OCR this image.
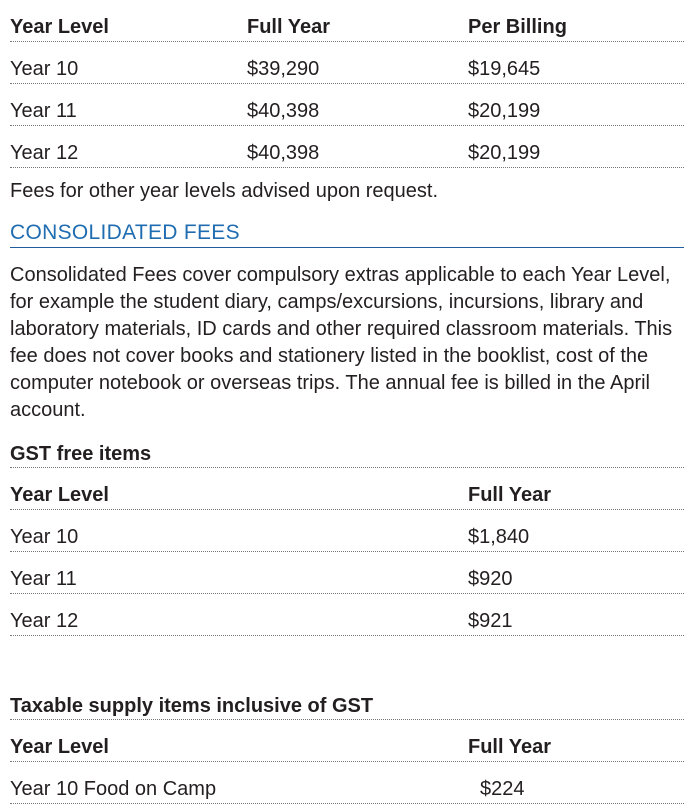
Year Level	Full Year	Per Billing
Year 10	$39,290	$19,645
Year 11	$40,398	$20,199
Year 12	$40,398	$20,199
Fees for other year levels advised upon request.
CONSOLIDATED FEES

Consolidated Fees cover compulsory extras applicable to each Year Level, for example the student diary, camps/excursions, incursions, library and laboratory materials, ID cards and other required classroom materials. This fee does not cover books and stationery listed in the booklist, cost of the computer notebook or overseas trips. The annual fee is billed in the April account.

GST free items
Year Level	Full Year
Year 10	$1,840
Year 11	$920
Year 12	$921
Taxable supply items inclusive of GST
Year Level	Full Year
Year 10 Food on Camp	$224
